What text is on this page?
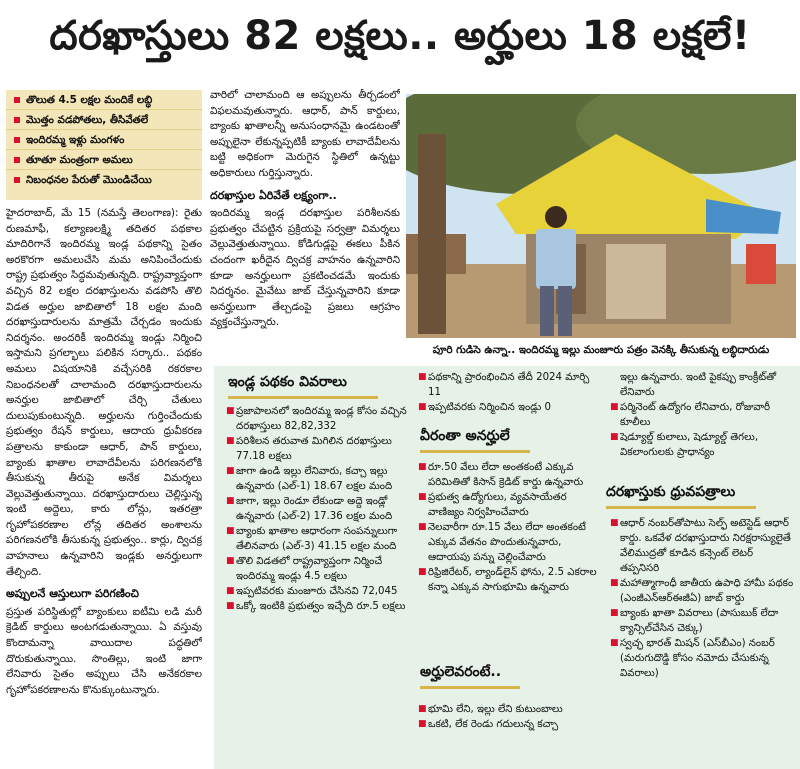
దరఖాస్తులు 82 లక్షలు.. అర్హులు 18 లక్షలే!
తొలుత 4.5 లక్షల మందికే లబ్ధి
మొత్తం వడపోతలు, తీసివేతలే
ఇందిరమ్మ ఇళ్లు మంగళం
తూతూ మంత్రంగా అమలు
నిబంధనల పేరుతో మొండిచేయి
హైదరాబాద్, మే 15 (నమస్తే తెలంగాణ): రైతు రుణమాఫీ, కల్యాణలక్ష్మి తదితర పథకాల మాదిరిగానే ఇందిరమ్మ ఇండ్ల పథకాన్ని సైతం అరకొరగా అమలుచేసి మమ అనిపించేందుకు రాష్ట్ర ప్రభుత్వం సిద్ధమవుతున్నది. రాష్ట్రవ్యాప్తంగా వచ్చిన 82 లక్షల దరఖాస్తులను వడపోసి తొలి విడత అర్హుల జాబితాలో 18 లక్షల మంది దరఖాస్తుదారులను మాత్రమే చేర్చడం ఇందుకు నిదర్శనం. అందరికీ ఇందిరమ్మ ఇండ్లు నిర్మించి ఇస్తామని ప్రగల్భాలు పలికిన సర్కారు.. పథకం అమలు విషయానికి వచ్చేసరికి రకరకాల నిబంధనలతో చాలామంది దరఖాస్తుదారులను అనర్హుల జాబితాలో చేర్చి చేతులు దులుపుకుంటున్నది. అర్హులను గుర్తించేందుకు ప్రభుత్వం రేషన్ కార్డులు, ఆదాయ ధ్రువీకరణ పత్రాలను కాకుండా ఆధార్, పాన్ కార్డులు, బ్యాంకు ఖాతాల లావాదేవీలను పరిగణనలోకి తీసుకున్న తీరుపై అనేక విమర్శలు వెల్లువెత్తుతున్నాయి. దరఖాస్తుదారులు చెల్లిస్తున్న ఇంటి అద్దెలు, కారు లోన్లు, ఇతరత్రా గృహోపకరణాల లోన్ల తదితర అంశాలను పరిగణనలోకి తీసుకున్న ప్రభుత్వం.. కార్లు, ద్విచక్ర వాహనాలు ఉన్నవారిని ఇండ్లకు అనర్హులుగా తేల్చింది.
అప్పులనే ఆస్తులుగా పరిగణించి
ప్రస్తుత పరిస్థితుల్లో బ్యాంకులు ఐటీమి లడి మరీ క్రెడిట్ కార్డులు అంటగడుతున్నాయి. ఏ వస్తువు కొందామన్నా వాయిదాల పద్ధతిలో దొరుకుతున్నాయి. సొంతిల్లు, ఇంటి జాగా లేనివారు సైతం అప్పులు చేసి అనేకరకాల గృహోపకరణాలను కొనుక్కుంటున్నారు.
వారిలో చాలామంది ఆ అప్పులను తీర్చడంలో విఫలమవుతున్నారు. ఆధార్, పాన్ కార్డులు, బ్యాంకు ఖాతాలన్నీ అనుసంధానమై ఉండటంతో అప్పులైనా లేకున్నప్పటికీ బ్యాంకు లావాదేవీలను బట్టి అధికంగా మెరుగైన స్థితిలో ఉన్నట్టు అధికారులు గుర్తిస్తున్నారు.
దరఖాస్తుల ఏరివేతే లక్ష్యంగా..
ఇందిరమ్మ ఇండ్ల దరఖాస్తుల పరిశీలనకు ప్రభుత్వం చేపట్టిన ప్రక్రియపై సర్వత్రా విమర్శలు వెల్లువెత్తుతున్నాయి. కోడిగుడ్లపై ఈకలు పీకిన చందంగా ఖరీదైన ద్విచక్ర వాహనం ఉన్నవారిని కూడా అనర్హులుగా ప్రకటించడమే ఇందుకు నిదర్శనం. మైవేటు జాబ్ చేస్తున్నవారిని కూడా అనర్హులుగా తేల్చడంపై ప్రజలు ఆగ్రహం వ్యక్తంచేస్తున్నారు.
పూరి గుడిసె ఉన్నా.. ఇందిరమ్మ ఇల్లు మంజూరు పత్రం వెనక్కి తీసుకున్న లబ్ధిదారుడు
ఇండ్ల పథకం వివరాలు
■ ప్రజాపాలనలో ఇందిరమ్మ ఇండ్ల కోసం వచ్చిన దరఖాస్తులు 82,82,332
■ పరిశీలన తరువాత మిగిలిన దరఖాస్తులు 77.18 లక్షలు
■ జాగా ఉండి ఇల్లు లేనివారు, కచ్చా ఇల్లు ఉన్నవారు (ఎల్-1) 18.67 లక్షల మంది
■ జాగా, ఇల్లు రెండూ లేకుండా అద్దె ఇండ్లో ఉన్నవారు (ఎల్-2) 17.36 లక్షల మంది
■ బ్యాంకు ఖాతాల ఆధారంగా సంపన్నులుగా తేలినవారు (ఎల్-3) 41.15 లక్షల మంది
■ తొలి విడతలో రాష్ట్రవ్యాప్తంగా నిర్మించే ఇందిరమ్మ ఇండ్లు 4.5 లక్షలు
■ ఇప్పటివరకు మంజూరు చేసినవి 72,045
■ ఒక్కో ఇంటికి ప్రభుత్వం ఇచ్చేది రూ.5 లక్షలు
■ పథకాన్ని ప్రారంభించిన తేదీ 2024 మార్చి 11
■ ఇప్పటివరకు నిర్మించిన ఇండ్లు 0
వీరంతా అనర్హులే
■ రూ.50 వేలు లేదా అంతకంటే ఎక్కువ పరిమితితో కిసాన్ క్రెడిట్ కార్డు ఉన్నవారు
■ ప్రభుత్వ ఉద్యోగులు, వ్యవసాయేతర వాణిజ్యం నిర్వహించేవారు
■ నెలవారీగా రూ.15 వేలు లేదా అంతకంటే ఎక్కువ వేతనం పొందుతున్నవారు, ఆదాయపు పన్ను చెల్లించేవారు
■ రిఫ్రిజిరేటర్, ల్యాండ్‌లైన్ ఫోను, 2.5 ఎకరాల కన్నా ఎక్కువ సాగుభూమి ఉన్నవారు
అర్హులెవరంటే..
■ భూమి లేని, ఇల్లు లేని కుటుంబాలు
■ ఒకటి, లేక రెండు గదులున్న కచ్చా
ఇల్లు ఉన్నవారు. ఇంటి పైకప్పు కాంక్రీట్‌తో లేనివారు
■ పర్మినెంట్ ఉద్యోగం లేనివారు, రోజువారీ కూలీలు
■ షెడ్యూల్డ్ కులాలు, షెడ్యూల్డ్ తెగలు, వికలాంగులకు ప్రాధాన్యం
దరఖాస్తుకు ధ్రువపత్రాలు
■ ఆధార్ నంబర్‌తోపాటు సెల్ఫ్ అటెస్టెడ్ ఆధార్ కార్డు. ఒకవేళ దరఖాస్తుదారు నిరక్షరాస్యులైతే వేలిముద్రతో కూడిన కన్సెంట్ లెటర్ తప్పనిసరి
■ మహాత్మాగాంధీ జాతీయ ఉపాధి హామీ పథకం (ఎంజీఎన్‌ఆర్‌ఈజీఏ) జాబ్ కార్డు
■ బ్యాంకు ఖాతా వివరాలు (పాసుబుక్ లేదా క్యాన్సిల్‌చేసిన చెక్కు)
■ స్వచ్ఛ భారత్ మిషన్ (ఎస్‌బీఎం) నంబర్ (మరుగుదొడ్డి కోసం నమోదు చేసుకున్న వివరాలు)
